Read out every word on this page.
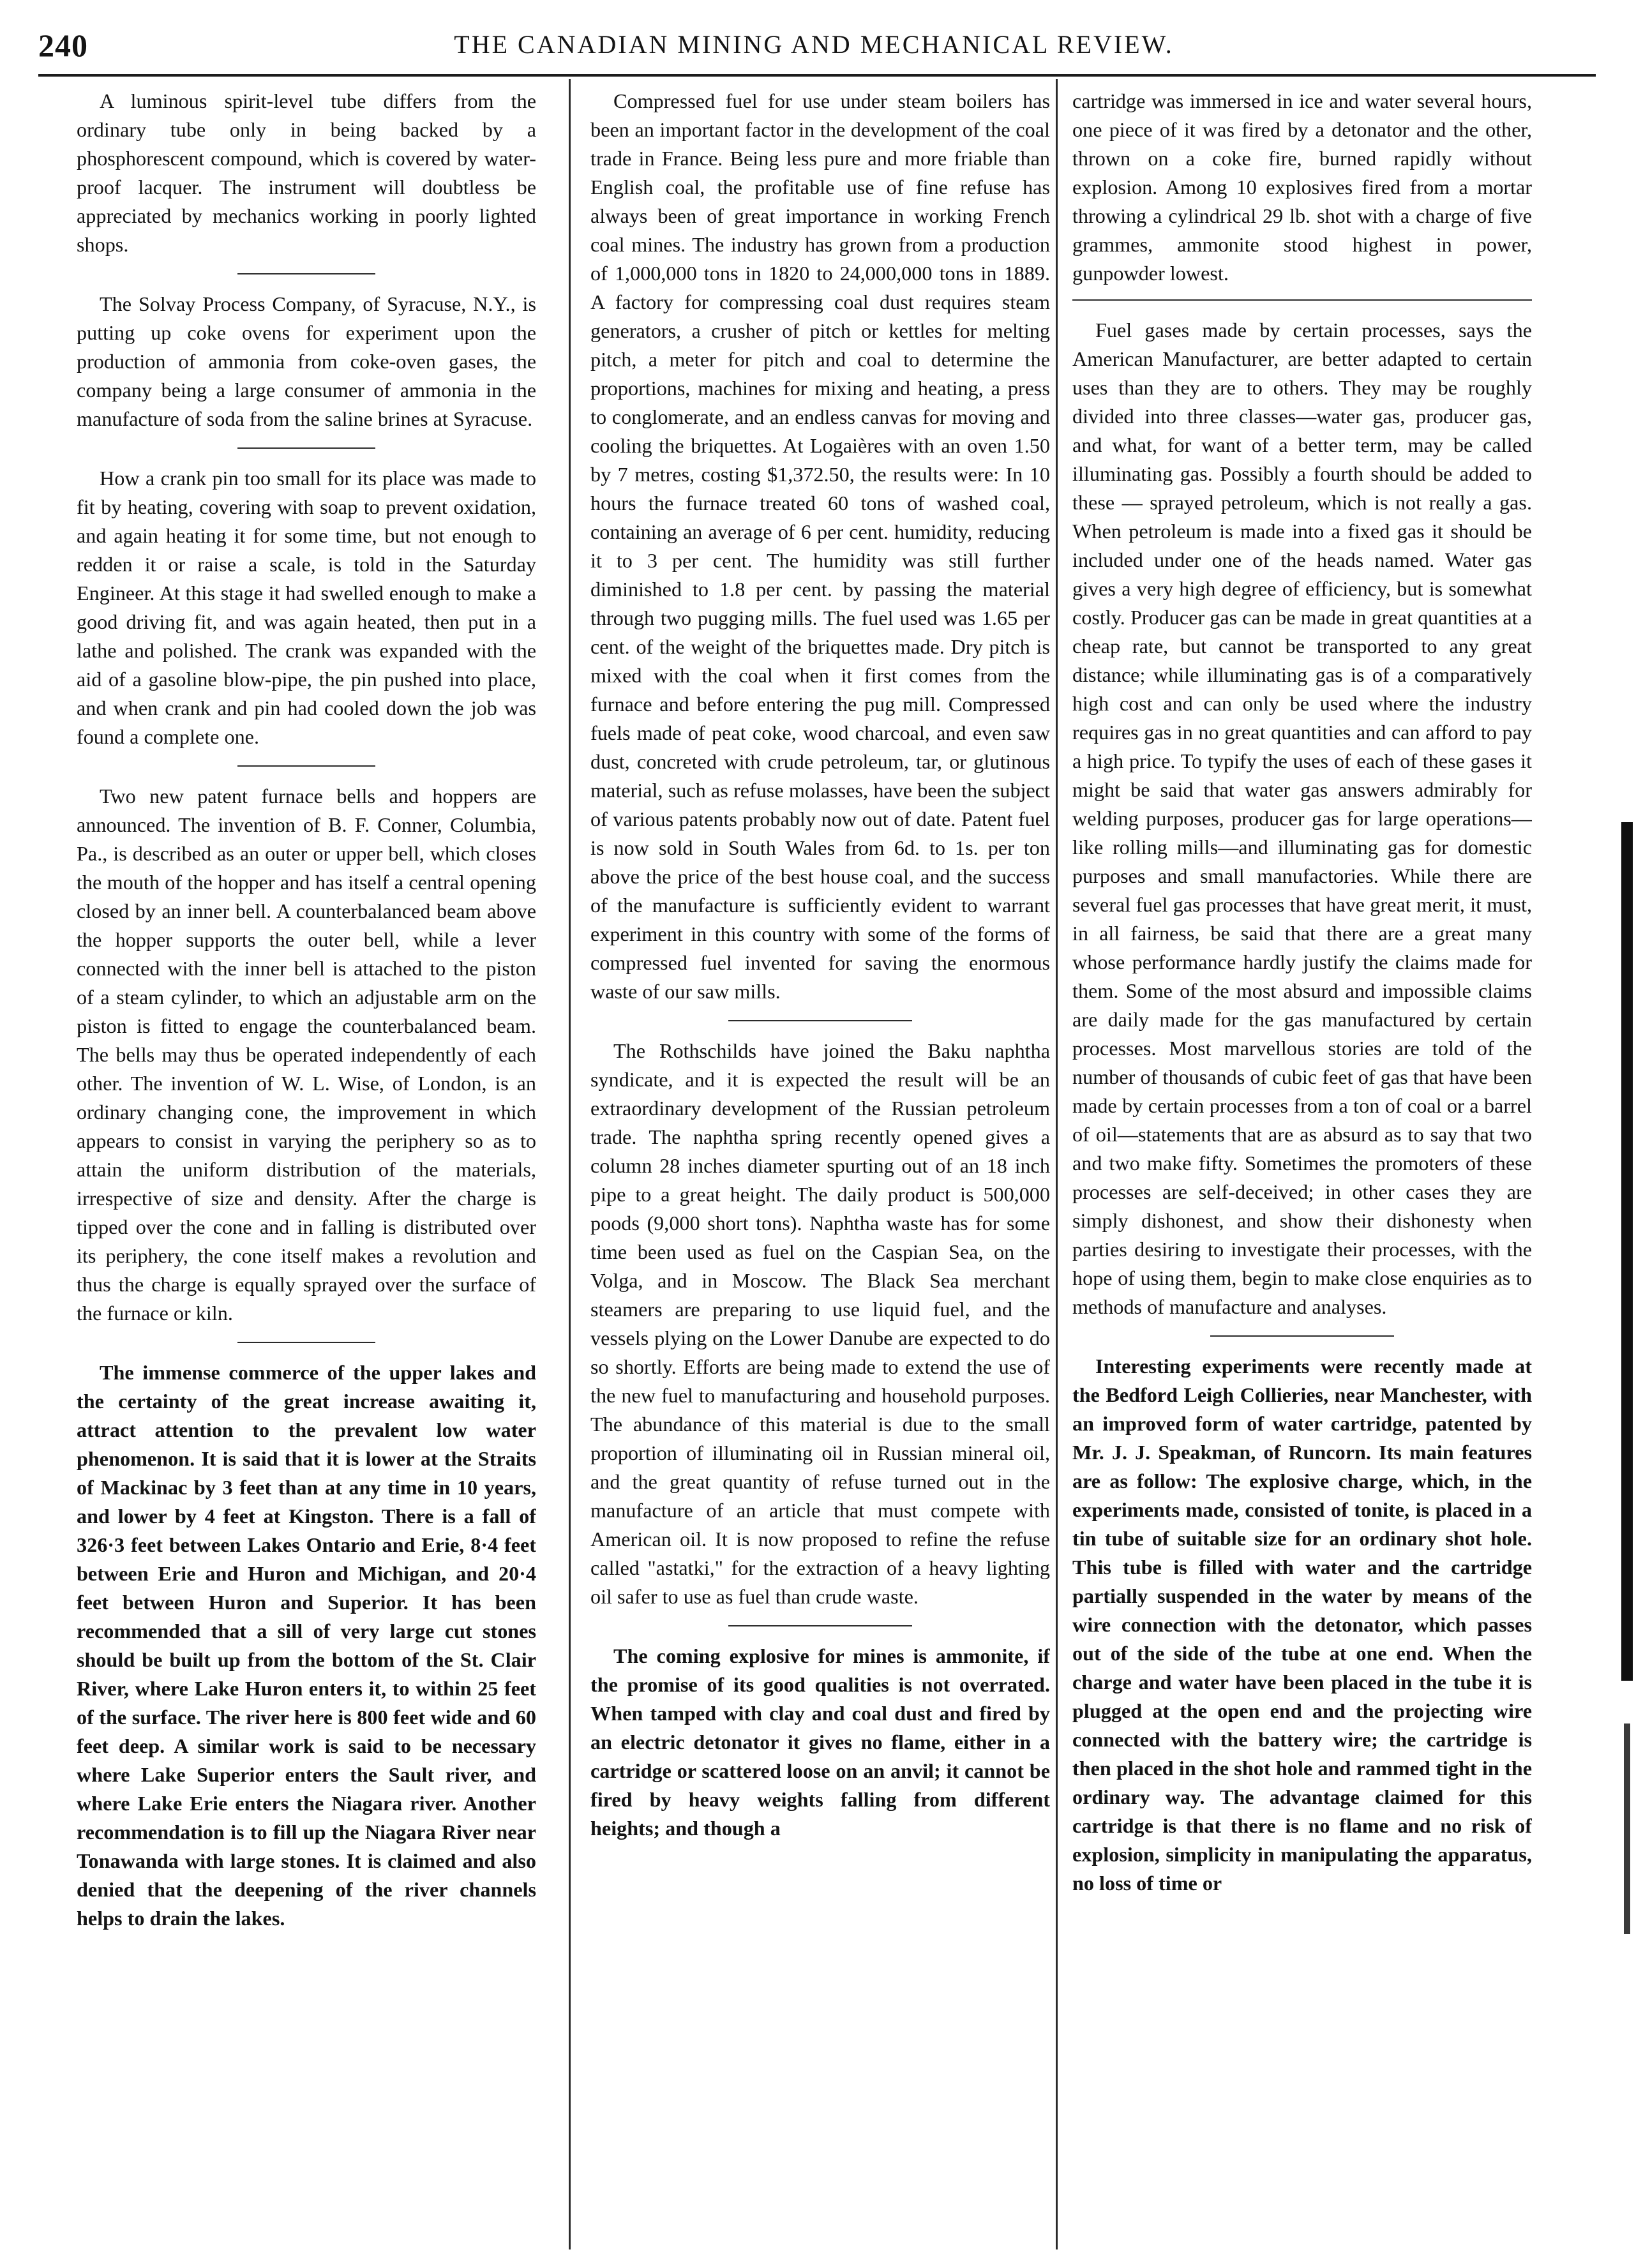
240	THE CANADIAN MINING AND MECHANICAL REVIEW.

A luminous spirit-level tube differs from the ordinary tube only in being backed by a phosphorescent compound, which is covered by water-proof lacquer. The instrument will doubtless be appreciated by mechanics working in poorly lighted shops.

The Solvay Process Company, of Syracuse, N.Y., is putting up coke ovens for experiment upon the production of ammonia from coke-oven gases, the company being a large consumer of ammonia in the manufacture of soda from the saline brines at Syracuse.

How a crank pin too small for its place was made to fit by heating, covering with soap to prevent oxidation, and again heating it for some time, but not enough to redden it or raise a scale, is told in the Saturday Engineer. At this stage it had swelled enough to make a good driving fit, and was again heated, then put in a lathe and polished. The crank was expanded with the aid of a gasoline blow-pipe, the pin pushed into place, and when crank and pin had cooled down the job was found a complete one.

Two new patent furnace bells and hoppers are announced. The invention of B. F. Conner, Columbia, Pa., is described as an outer or upper bell, which closes the mouth of the hopper and has itself a central opening closed by an inner bell. A counterbalanced beam above the hopper supports the outer bell, while a lever connected with the inner bell is attached to the piston of a steam cylinder, to which an adjustable arm on the piston is fitted to engage the counterbalanced beam. The bells may thus be operated independently of each other. The invention of W. L. Wise, of London, is an ordinary changing cone, the improvement in which appears to consist in varying the periphery so as to attain the uniform distribution of the materials, irrespective of size and density. After the charge is tipped over the cone and in falling is distributed over its periphery, the cone itself makes a revolution and thus the charge is equally sprayed over the surface of the furnace or kiln.

The immense commerce of the upper lakes and the certainty of the great increase awaiting it, attract attention to the prevalent low water phenomenon. It is said that it is lower at the Straits of Mackinac by 3 feet than at any time in 10 years, and lower by 4 feet at Kingston. There is a fall of 326·3 feet between Lakes Ontario and Erie, 8·4 feet between Erie and Huron and Michigan, and 20·4 feet between Huron and Superior. It has been recommended that a sill of very large cut stones should be built up from the bottom of the St. Clair River, where Lake Huron enters it, to within 25 feet of the surface. The river here is 800 feet wide and 60 feet deep. A similar work is said to be necessary where Lake Superior enters the Sault river, and where Lake Erie enters the Niagara river. Another recommendation is to fill up the Niagara River near Tonawanda with large stones. It is claimed and also denied that the deepening of the river channels helps to drain the lakes.

Compressed fuel for use under steam boilers has been an important factor in the development of the coal trade in France. Being less pure and more friable than English coal, the profitable use of fine refuse has always been of great importance in working French coal mines. The industry has grown from a production of 1,000,000 tons in 1820 to 24,000,000 tons in 1889. A factory for compressing coal dust requires steam generators, a crusher of pitch or kettles for melting pitch, a meter for pitch and coal to determine the proportions, machines for mixing and heating, a press to conglomerate, and an endless canvas for moving and cooling the briquettes. At Logaières with an oven 1.50 by 7 metres, costing $1,372.50, the results were: In 10 hours the furnace treated 60 tons of washed coal, containing an average of 6 per cent. humidity, reducing it to 3 per cent. The humidity was still further diminished to 1.8 per cent. by passing the material through two pugging mills. The fuel used was 1.65 per cent. of the weight of the briquettes made. Dry pitch is mixed with the coal when it first comes from the furnace and before entering the pug mill. Compressed fuels made of peat coke, wood charcoal, and even saw dust, concreted with crude petroleum, tar, or glutinous material, such as refuse molasses, have been the subject of various patents probably now out of date. Patent fuel is now sold in South Wales from 6d. to 1s. per ton above the price of the best house coal, and the success of the manufacture is sufficiently evident to warrant experiment in this country with some of the forms of compressed fuel invented for saving the enormous waste of our saw mills.

The Rothschilds have joined the Baku naphtha syndicate, and it is expected the result will be an extraordinary development of the Russian petroleum trade. The naphtha spring recently opened gives a column 28 inches diameter spurting out of an 18 inch pipe to a great height. The daily product is 500,000 poods (9,000 short tons). Naphtha waste has for some time been used as fuel on the Caspian Sea, on the Volga, and in Moscow. The Black Sea merchant steamers are preparing to use liquid fuel, and the vessels plying on the Lower Danube are expected to do so shortly. Efforts are being made to extend the use of the new fuel to manufacturing and household purposes. The abundance of this material is due to the small proportion of illuminating oil in Russian mineral oil, and the great quantity of refuse turned out in the manufacture of an article that must compete with American oil. It is now proposed to refine the refuse called "astatki," for the extraction of a heavy lighting oil safer to use as fuel than crude waste.

The coming explosive for mines is ammonite, if the promise of its good qualities is not overrated. When tamped with clay and coal dust and fired by an electric detonator it gives no flame, either in a cartridge or scattered loose on an anvil; it cannot be fired by heavy weights falling from different heights; and though a

cartridge was immersed in ice and water several hours, one piece of it was fired by a detonator and the other, thrown on a coke fire, burned rapidly without explosion. Among 10 explosives fired from a mortar throwing a cylindrical 29 lb. shot with a charge of five grammes, ammonite stood highest in power, gunpowder lowest.

Fuel gases made by certain processes, says the American Manufacturer, are better adapted to certain uses than they are to others. They may be roughly divided into three classes—water gas, producer gas, and what, for want of a better term, may be called illuminating gas. Possibly a fourth should be added to these — sprayed petroleum, which is not really a gas. When petroleum is made into a fixed gas it should be included under one of the heads named. Water gas gives a very high degree of efficiency, but is somewhat costly. Producer gas can be made in great quantities at a cheap rate, but cannot be transported to any great distance; while illuminating gas is of a comparatively high cost and can only be used where the industry requires gas in no great quantities and can afford to pay a high price. To typify the uses of each of these gases it might be said that water gas answers admirably for welding purposes, producer gas for large operations—like rolling mills—and illuminating gas for domestic purposes and small manufactories. While there are several fuel gas processes that have great merit, it must, in all fairness, be said that there are a great many whose performance hardly justify the claims made for them. Some of the most absurd and impossible claims are daily made for the gas manufactured by certain processes. Most marvellous stories are told of the number of thousands of cubic feet of gas that have been made by certain processes from a ton of coal or a barrel of oil—statements that are as absurd as to say that two and two make fifty. Sometimes the promoters of these processes are self-deceived; in other cases they are simply dishonest, and show their dishonesty when parties desiring to investigate their processes, with the hope of using them, begin to make close enquiries as to methods of manufacture and analyses.

Interesting experiments were recently made at the Bedford Leigh Collieries, near Manchester, with an improved form of water cartridge, patented by Mr. J. J. Speakman, of Runcorn. Its main features are as follow: The explosive charge, which, in the experiments made, consisted of tonite, is placed in a tin tube of suitable size for an ordinary shot hole. This tube is filled with water and the cartridge partially suspended in the water by means of the wire connection with the detonator, which passes out of the side of the tube at one end. When the charge and water have been placed in the tube it is plugged at the open end and the projecting wire connected with the battery wire; the cartridge is then placed in the shot hole and rammed tight in the ordinary way. The advantage claimed for this cartridge is that there is no flame and no risk of explosion, simplicity in manipulating the apparatus, no loss of time or
